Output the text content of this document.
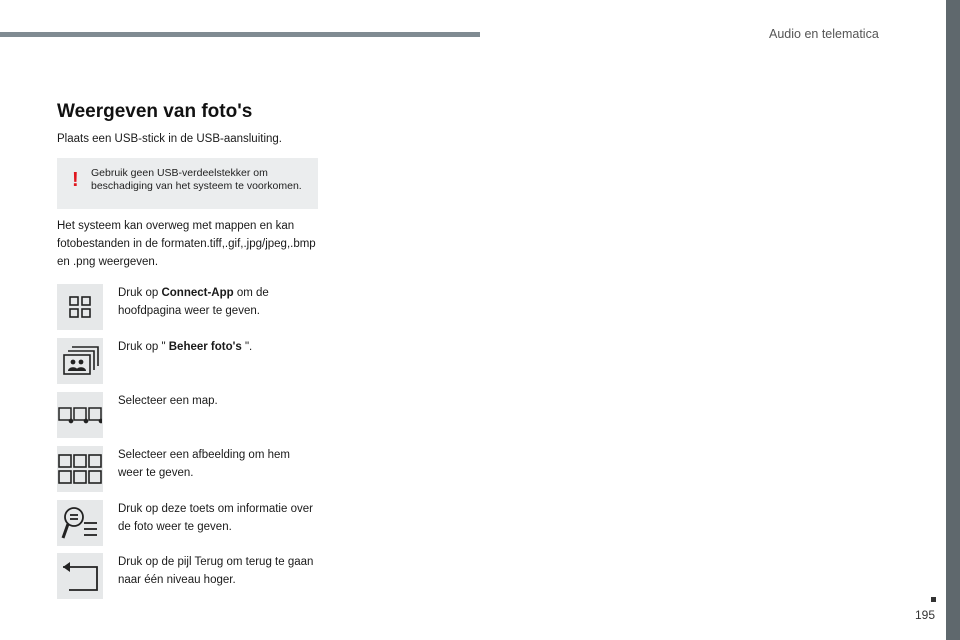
Audio en telematica
195
Weergeven van foto's
Plaats een USB-stick in de USB-aansluiting.
! Gebruik geen USB-verdeelstekker om beschadiging van het systeem te voorkomen.
Het systeem kan overweg met mappen en kan fotobestanden in de formaten.tiff,.gif,.jpg/jpeg,.bmp en .png weergeven.
Druk op Connect-App om de hoofdpagina weer te geven.
Druk op " Beheer foto's ".
Selecteer een map.
Selecteer een afbeelding om hem weer te geven.
Druk op deze toets om informatie over de foto weer te geven.
Druk op de pijl Terug om terug te gaan naar één niveau hoger.
